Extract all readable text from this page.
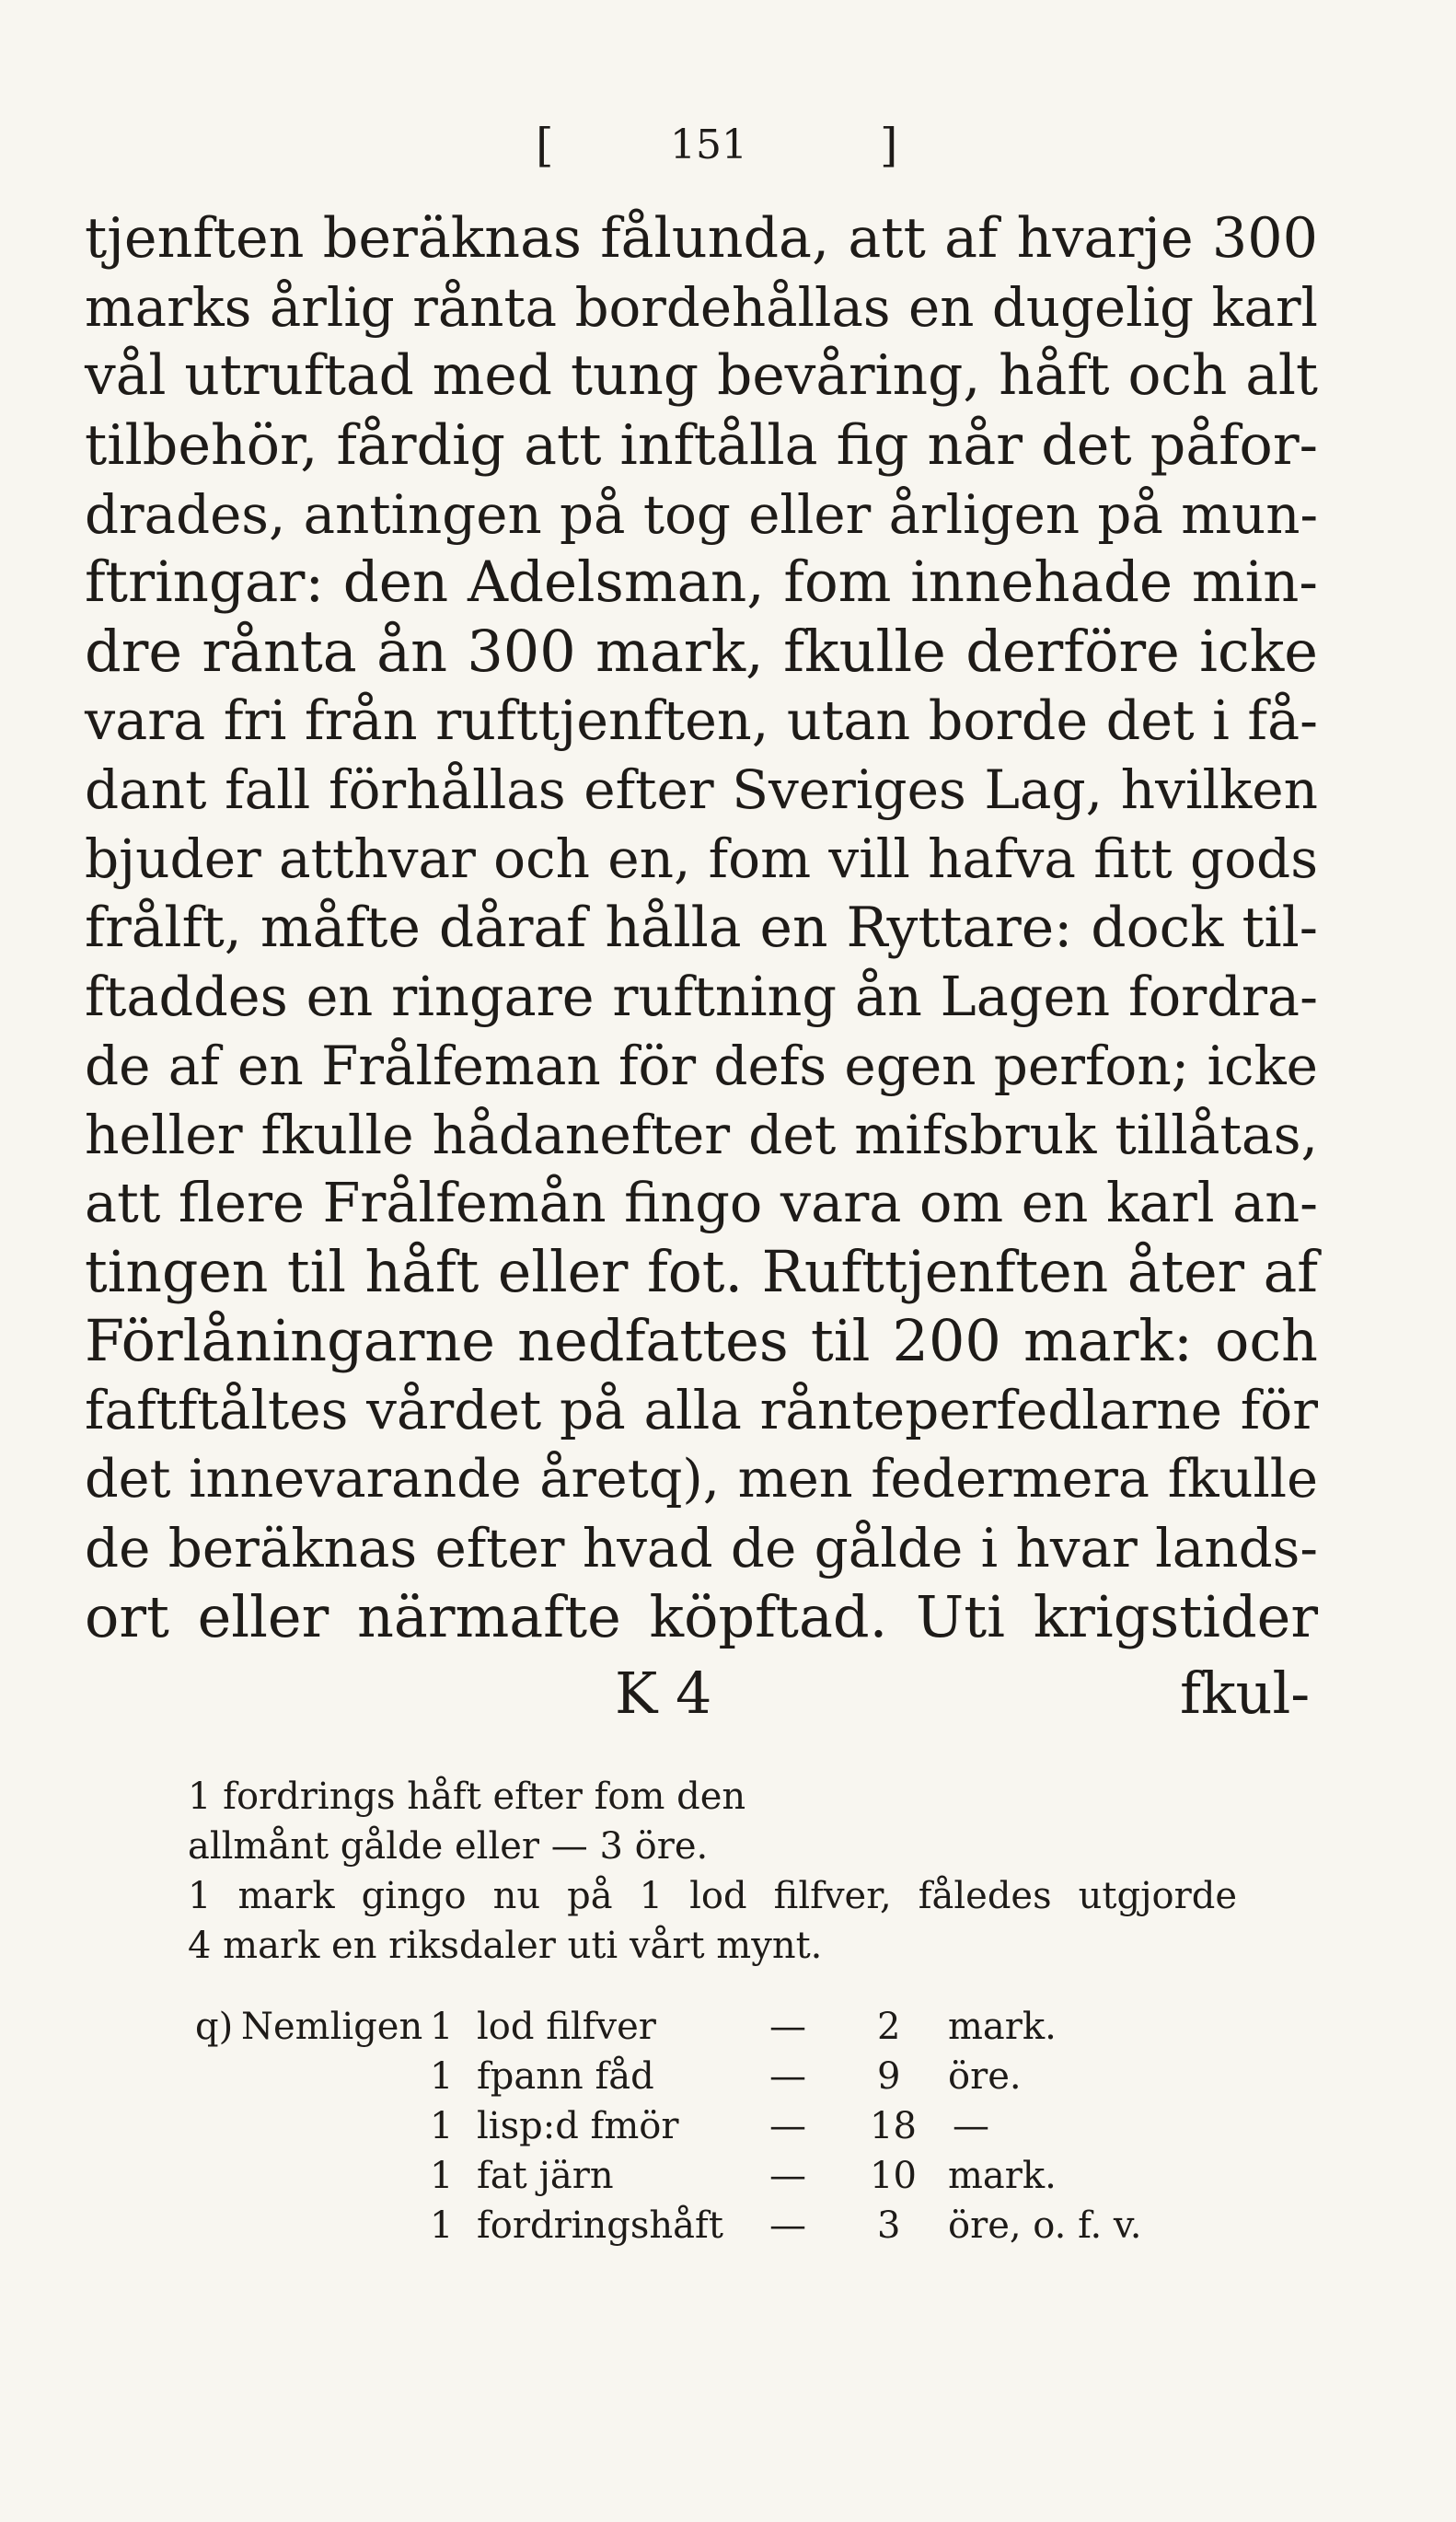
[	151	]
tjenften beräknas fålunda, att af hvarje 300
marks årlig rånta bordehållas en dugelig karl
vål utruftad med tung bevåring, håft och alt
tilbehör, fårdig att inftålla fig når det påfor-
drades, antingen på tog eller årligen på mun-
ftringar: den Adelsman, fom innehade min-
dre rånta ån 300 mark, fkulle derföre icke
vara fri från rufttjenften, utan borde det i få-
dant fall förhållas efter Sveriges Lag, hvilken
bjuder atthvar och en, fom vill hafva fitt gods
frålft, måfte dåraf hålla en Ryttare: dock til-
ftaddes en ringare ruftning ån Lagen fordra-
de af en Frålfeman för defs egen perfon; icke
heller fkulle hådanefter det mifsbruk tillåtas,
att flere Frålfemån fingo vara om en karl an-
tingen til håft eller fot. Rufttjenften åter af
Förlåningarne nedfattes til 200 mark: och
faftftåltes vårdet på alla rånteperfedlarne för
det innevarande åretq), men federmera fkulle
de beräknas efter hvad de gålde i hvar lands-
ort eller närmafte köpftad. Uti krigstider
K 4	fkul-
1 fordrings håft efter fom den
allmånt gålde eller — 3 öre.
1 mark gingo nu på 1 lod filfver, fåledes utgjorde
4 mark en riksdaler uti vårt mynt.
q) Nemligen 1 lod filfver	— 2 mark.
1 fpann fåd	— 9 öre.
1 lisp:d fmör — 18 —
1 fat järn	— 10 mark.
1 fordringshåft — 3 öre, o. f. v.
